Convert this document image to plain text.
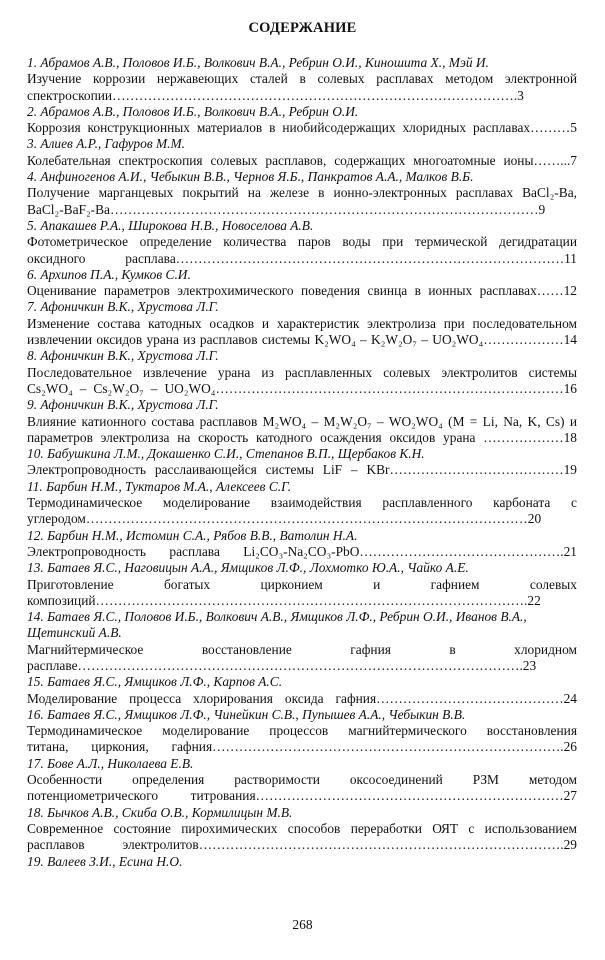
СОДЕРЖАНИЕ
1. Абрамов А.В., Половов И.Б., Волкович В.А., Ребрин О.И., Киношита Х., Мэй И.
Изучение коррозии нержавеющих сталей в солевых расплавах методом электронной
спектроскопии……………………………………………………………………………….3
2. Абрамов А.В., Половов И.Б., Волкович В.А., Ребрин О.И.
Коррозия конструкционных материалов в ниобийсодержащих хлоридных расплавах………5
3. Алиев А.Р., Гафуров М.М.
Колебательная спектроскопия солевых расплавов, содержащих многоатомные ионы……...7
4. Анфиногенов А.И., Чебыкин В.В., Чернов Я.Б., Панкратов А.А., Малков В.Б.
Получение марганцевых покрытий на железе в ионно-электронных расплавах BaCl₂-Ba,
BaCl₂-BaF₂-Ba……………………………………………………………………………………9
5. Апакашев Р.А., Широкова Н.В., Новоселова А.В.
Фотометрическое определение количества паров воды при термической дегидратации
оксидного расплава……………………………………………………………………………11
6. Архипов П.А., Кумков С.И.
Оценивание параметров электрохимического поведения свинца в ионных расплавах……12
7. Афоничкин В.К., Хрустова Л.Г.
Изменение состава катодных осадков и характеристик электролиза при последовательном
извлечении оксидов урана из расплавов системы K₂WO₄ – K₂W₂O₇ – UO₂WO₄………………14
8. Афоничкин В.К., Хрустова Л.Г.
Последовательное извлечение урана из расплавленных солевых электролитов системы
Cs₂WO₄ – Cs₂W₂O₇ – UO₂WO₄……………………………………………………………………16
9. Афоничкин В.К., Хрустова Л.Г.
Влияние катионного состава расплавов M₂WO₄ – M₂W₂O₇ – WO₂WO₄ (M = Li, Na, K, Cs) и
параметров электролиза на скорость катодного осаждения оксидов урана ………………18
10. Бабушкина Л.М., Докашенко С.И., Степанов В.П., Щербаков К.Н.
Электропроводность расслаивающейся системы LiF – KBr…………………………………19
11. Барбин Н.М., Туктаров М.А., Алексеев С.Г.
Термодинамическое моделирование взаимодействия расплавленного карбоната с
углеродом………………………………………………………………………………………20
12. Барбин Н.М., Истомин С.А., Рябов В.В., Ватолин Н.А.
Электропроводность расплава Li₂CO₃-Na₂CO₃-PbO……………………………………….21
13. Батаев Я.С., Наговицын А.А., Ямщиков Л.Ф., Лохмотко Ю.А., Чайко А.Е.
Приготовление богатых цирконием и гафнием солевых
композиций…………………………………………………………………………………….22
14. Батаев Я.С., Половов И.Б., Волкович А.В., Ямщиков Л.Ф., Ребрин О.И., Иванов В.А.,
Щетинский А.В.
Магнийтермическое восстановление гафния в хлоридном
расплаве……………………………………………………………………………………….23
15. Батаев Я.С., Ямщиков Л.Ф., Карпов А.С.
Моделирование процесса хлорирования оксида гафния……………………………………24
16. Батаев Я.С., Ямщиков Л.Ф., Чинейкин С.В., Пупышев А.А., Чебыкин В.В.
Термодинамическое моделирование процессов магнийтермического восстановления
титана, циркония, гафния…………………………………………………………………….26
17. Бове А.Л., Николаева Е.В.
Особенности определения растворимости оксосоединений РЗМ методом
потенциометрического титрования……………………………………………………………27
18. Бычков А.В., Скиба О.В., Кормилицын М.В.
Современное состояние пирохимических способов переработки ОЯТ с использованием
расплавов электролитов……………………………………………………………………….29
19. Валеев З.И., Есина Н.О.
268
